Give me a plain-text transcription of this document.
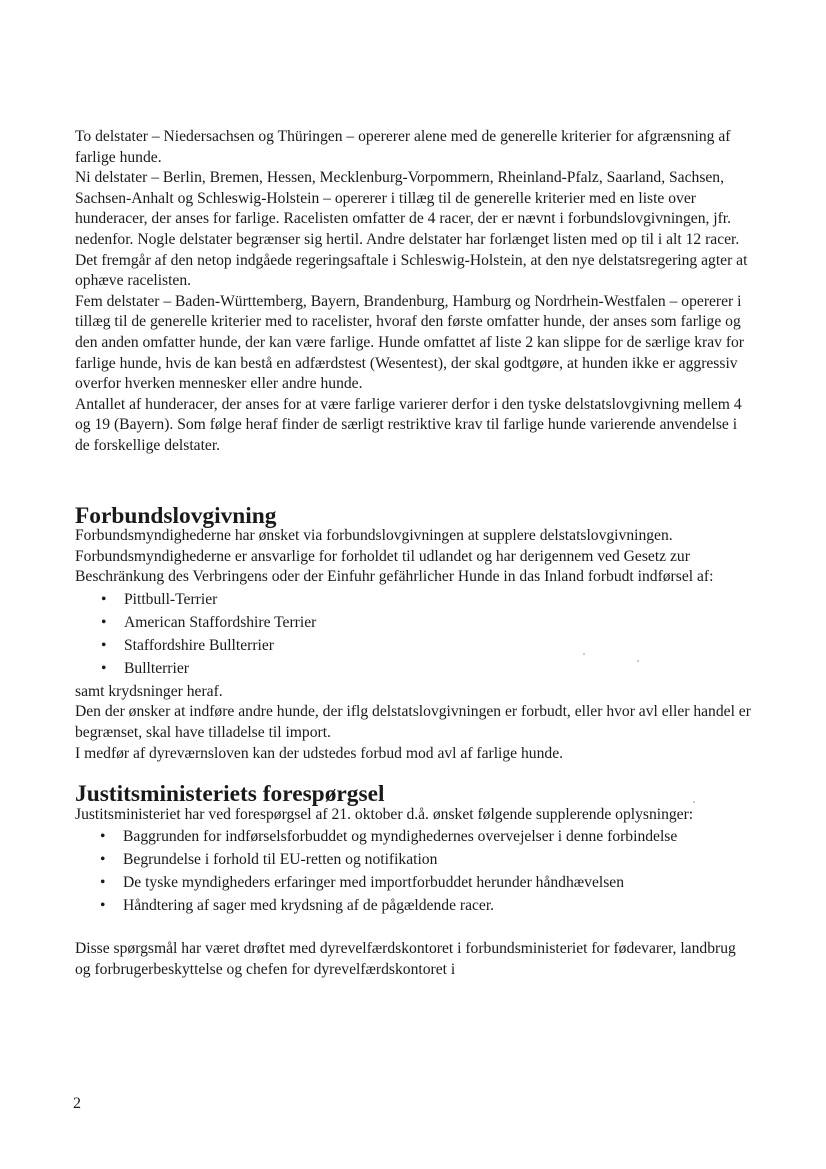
To delstater – Niedersachsen og Thüringen – opererer alene med de generelle kriterier for afgrænsning af farlige hunde.

Ni delstater – Berlin, Bremen, Hessen, Mecklenburg-Vorpommern, Rheinland-Pfalz, Saarland, Sachsen, Sachsen-Anhalt og Schleswig-Holstein – opererer i tillæg til de generelle kriterier med en liste over hunderacer, der anses for farlige. Racelisten omfatter de 4 racer, der er nævnt i forbundslovgivningen, jfr. nedenfor. Nogle delstater begrænser sig hertil. Andre delstater har forlænget listen med op til i alt 12 racer. Det fremgår af den netop indgåede regeringsaftale i Schleswig-Holstein, at den nye delstatsregering agter at ophæve racelisten.

Fem delstater – Baden-Württemberg, Bayern, Brandenburg, Hamburg og Nordrhein-Westfalen – opererer i tillæg til de generelle kriterier med to racelister, hvoraf den første omfatter hunde, der anses som farlige og den anden omfatter hunde, der kan være farlige. Hunde omfattet af liste 2 kan slippe for de særlige krav for farlige hunde, hvis de kan bestå en adfærdstest (Wesentest), der skal godtgøre, at hunden ikke er aggressiv overfor hverken mennesker eller andre hunde.

Antallet af hunderacer, der anses for at være farlige varierer derfor i den tyske delstatslovgivning mellem 4 og 19 (Bayern). Som følge heraf finder de særligt restriktive krav til farlige hunde varierende anvendelse i de forskellige delstater.

Forbundslovgivning

Forbundsmyndighederne har ønsket via forbundslovgivningen at supplere delstatslovgivningen. Forbundsmyndighederne er ansvarlige for forholdet til udlandet og har derigennem ved Gesetz zur Beschränkung des Verbringens oder der Einfuhr gefährlicher Hunde in das Inland forbudt indførsel af:

• Pittbull-Terrier
• American Staffordshire Terrier
• Staffordshire Bullterrier
• Bullterrier

samt krydsninger heraf.

Den der ønsker at indføre andre hunde, der iflg delstatslovgivningen er forbudt, eller hvor avl eller handel er begrænset, skal have tilladelse til import.

I medfør af dyreværnsloven kan der udstedes forbud mod avl af farlige hunde.

Justitsministeriets forespørgsel

Justitsministeriet har ved forespørgsel af 21. oktober d.å. ønsket følgende supplerende oplysninger:

• Baggrunden for indførselsforbuddet og myndighedernes overvejelser i denne forbindelse
• Begrundelse i forhold til EU-retten og notifikation
• De tyske myndigheders erfaringer med importforbuddet herunder håndhævelsen
• Håndtering af sager med krydsning af de pågældende racer.

Disse spørgsmål har været drøftet med dyrevelfærdskontoret i forbundsministeriet for fødevarer, landbrug og forbrugerbeskyttelse og chefen for dyrevelfærdskontoret i

2
